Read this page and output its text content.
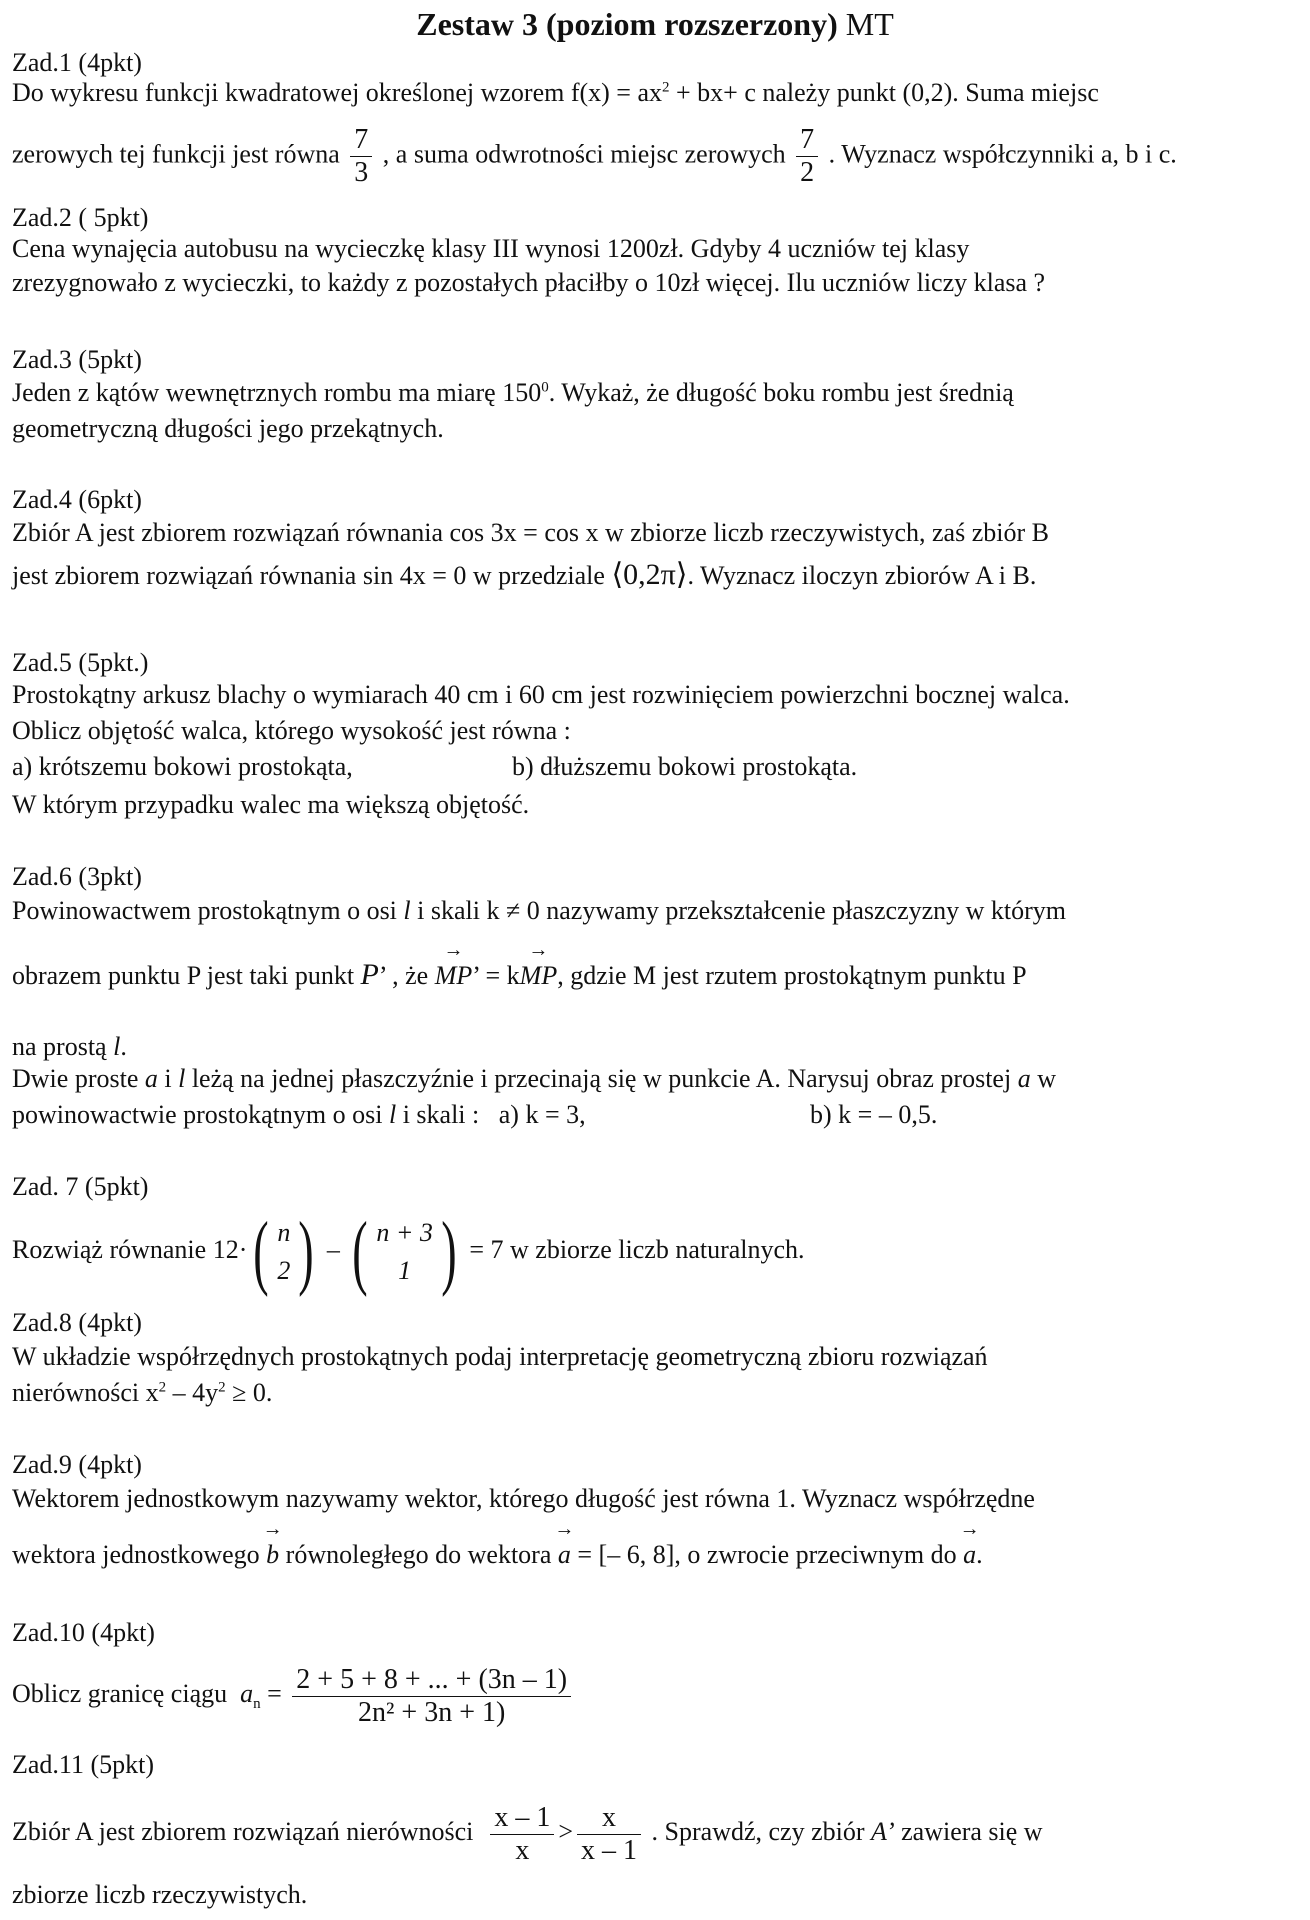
Zestaw 3 (poziom rozszerzony) MT
Zad.1 (4pkt)
Do wykresu funkcji kwadratowej określonej wzorem $f(x) = ax^2 + bx+ c$ należy punkt (0,2). Suma miejsc
zerowych tej funkcji jest równa $\frac{7}{3}$ , a suma odwrotności miejsc zerowych $\frac{7}{2}$ . Wyznacz współczynniki a, b i c.
Zad.2 ( 5pkt)
Cena wynajęcia autobusu na wycieczkę klasy III wynosi 1200zł. Gdyby 4 uczniów tej klasy
zrezygnowało z wycieczki, to każdy z pozostałych płaciłby o 10zł więcej. Ilu uczniów liczy klasa ?
Zad.3 (5pkt)
Jeden z kątów wewnętrznych rombu ma miarę $150^0$. Wykaż, że długość boku rombu jest średnią
geometryczną długości jego przekątnych.
Zad.4 (6pkt)
Zbiór A jest zbiorem rozwiązań równania cos 3x = cos x w zbiorze liczb rzeczywistych, zaś zbiór B
jest zbiorem rozwiązań równania sin 4x = 0 w przedziale ⟨0,2π⟩. Wyznacz iloczyn zbiorów A i B.
Zad.5 (5pkt.)
Prostokątny arkusz blachy o wymiarach 40 cm i 60 cm jest rozwinięciem powierzchni bocznej walca.
Oblicz objętość walca, którego wysokość jest równa :
a) krótszemu bokowi prostokąta,	b) dłuższemu bokowi prostokąta.
W którym przypadku walec ma większą objętość.
Zad.6 (3pkt)
Powinowactwem prostokątnym o osi l i skali k ≠ 0 nazywamy przekształcenie płaszczyzny w którym
obrazem punktu P jest taki punkt P’ , że → MP’ = k→ MP, gdzie M jest rzutem prostokątnym punktu P
na prostą l.
Dwie proste a i l leżą na jednej płaszczyźnie i przecinają się w punkcie A. Narysuj obraz prostej a w
powinowactwie prostokątnym o osi l i skali : a) k = 3,	b) k = – 0,5.
Zad. 7 (5pkt)
Rozwiąż równanie 12· ( n
2 ) – ( n + 3
1 ) = 7 w zbiorze liczb naturalnych.
Zad.8 (4pkt)
W układzie współrzędnych prostokątnych podaj interpretację geometryczną zbioru rozwiązań
nierówności $x^2 - 4y^2 \ge 0$.
Zad.9 (4pkt)
Wektorem jednostkowym nazywamy wektor, którego długość jest równa 1. Wyznacz współrzędne
wektora jednostkowego → b równoległego do wektora → a = [– 6, 8], o zwrocie przeciwnym do → a.
Zad.10 (4pkt)
Oblicz granicę ciągu $a_n = \frac{2 + 5 + 8 + ... + (3n - 1)}{\text{2n² + 3n + 1)}}$
Zad.11 (5pkt)
Zbiór A jest zbiorem rozwiązań nierówności $\frac{x - 1}{x} > \frac{x}{x - 1}$ . Sprawdź, czy zbiór A’ zawiera się w
zbiorze liczb rzeczywistych.
